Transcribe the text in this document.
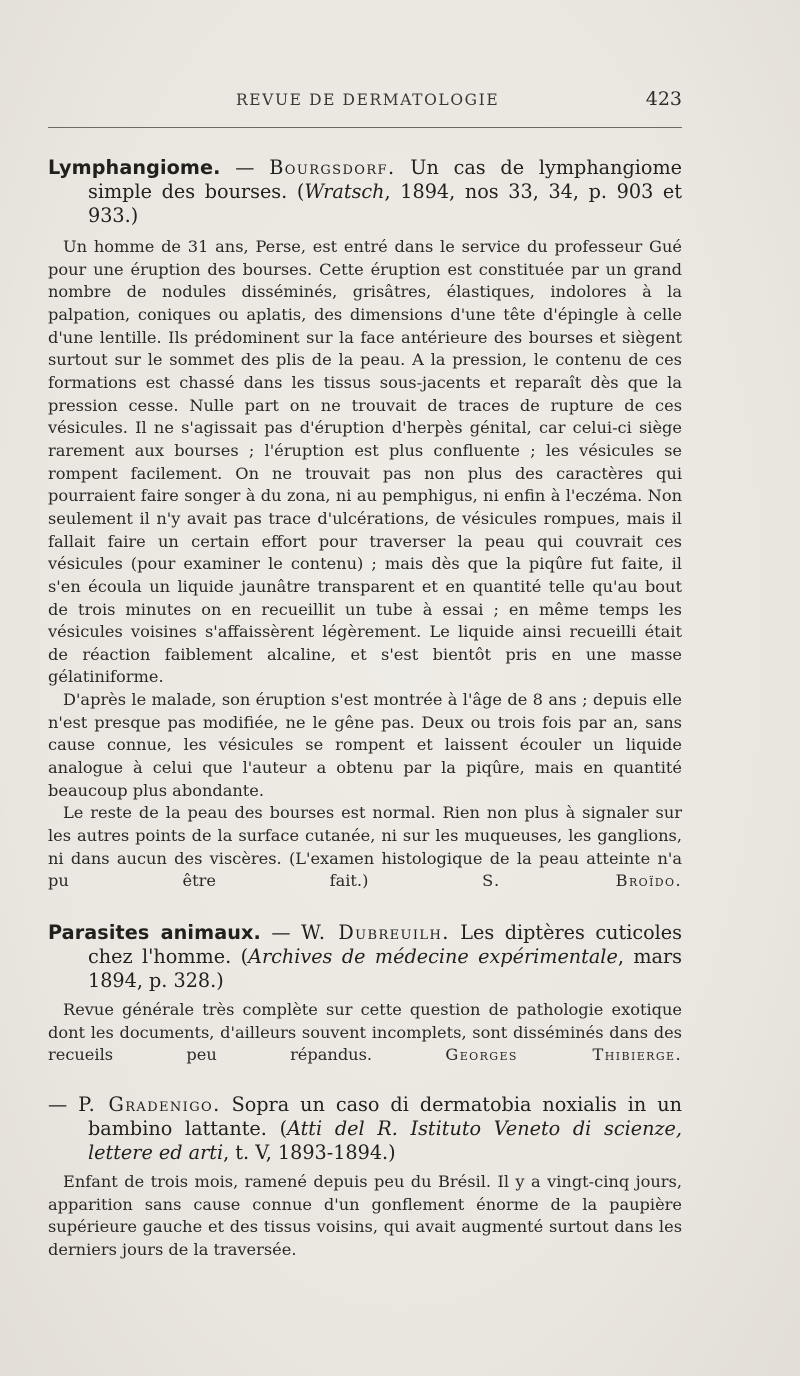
REVUE DE DERMATOLOGIE	423

Lymphangiome. — Bourgsdorf. Un cas de lymphangiome simple des bourses. (Wratsch, 1894, nos 33, 34, p. 903 et 933.)

Un homme de 31 ans, Perse, est entré dans le service du professeur Gué pour une éruption des bourses. Cette éruption est constituée par un grand nombre de nodules disséminés, grisâtres, élastiques, indolores à la palpation, coniques ou aplatis, des dimensions d'une tête d'épingle à celle d'une lentille. Ils prédominent sur la face antérieure des bourses et siègent surtout sur le sommet des plis de la peau. A la pression, le contenu de ces formations est chassé dans les tissus sous-jacents et reparaît dès que la pression cesse. Nulle part on ne trouvait de traces de rupture de ces vésicules. Il ne s'agissait pas d'éruption d'herpès génital, car celui-ci siège rarement aux bourses ; l'éruption est plus confluente ; les vésicules se rompent facilement. On ne trouvait pas non plus des caractères qui pourraient faire songer à du zona, ni au pemphigus, ni enfin à l'eczéma. Non seulement il n'y avait pas trace d'ulcérations, de vésicules rompues, mais il fallait faire un certain effort pour traverser la peau qui couvrait ces vésicules (pour examiner le contenu) ; mais dès que la piqûre fut faite, il s'en écoula un liquide jaunâtre transparent et en quantité telle qu'au bout de trois minutes on en recueillit un tube à essai ; en même temps les vésicules voisines s'affaissèrent légèrement. Le liquide ainsi recueilli était de réaction faiblement alcaline, et s'est bientôt pris en une masse gélatiniforme.

D'après le malade, son éruption s'est montrée à l'âge de 8 ans ; depuis elle n'est presque pas modifiée, ne le gêne pas. Deux ou trois fois par an, sans cause connue, les vésicules se rompent et laissent écouler un liquide analogue à celui que l'auteur a obtenu par la piqûre, mais en quantité beaucoup plus abondante.

Le reste de la peau des bourses est normal. Rien non plus à signaler sur les autres points de la surface cutanée, ni sur les muqueuses, les ganglions, ni dans aucun des viscères. (L'examen histologique de la peau atteinte n'a pu être fait.)	S. Broïdo.

Parasites animaux. — W. Dubreuilh. Les diptères cuticoles chez l'homme. (Archives de médecine expérimentale, mars 1894, p. 328.)

Revue générale très complète sur cette question de pathologie exotique dont les documents, d'ailleurs souvent incomplets, sont disséminés dans des recueils peu répandus.	Georges Thibierge.

— P. Gradenigo. Sopra un caso di dermatobia noxialis in un bambino lattante. (Atti del R. Istituto Veneto di scienze, lettere ed arti, t. V, 1893-1894.)

Enfant de trois mois, ramené depuis peu du Brésil. Il y a vingt-cinq jours, apparition sans cause connue d'un gonflement énorme de la paupière supérieure gauche et des tissus voisins, qui avait augmenté surtout dans les derniers jours de la traversée.
